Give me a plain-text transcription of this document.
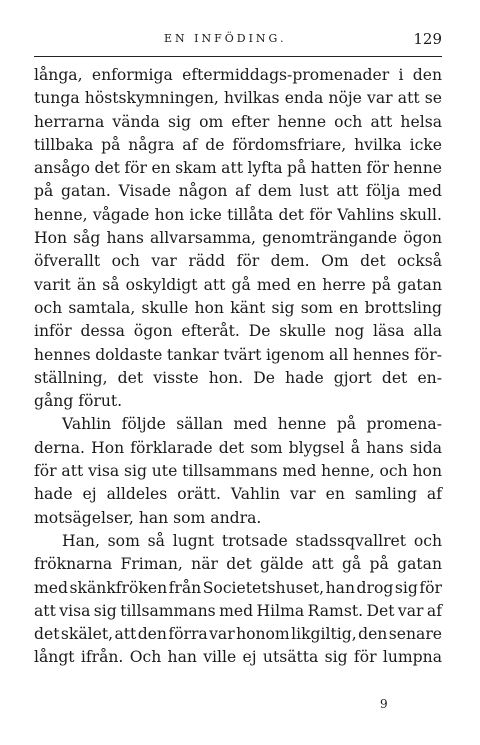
EN INFÖDING.	129
långa, enformiga eftermiddags-promenader i den
tunga höstskymningen, hvilkas enda nöje var att se
herrarna vända sig om efter henne och att helsa
tillbaka på några af de fördomsfriare, hvilka icke
ansågo det för en skam att lyfta på hatten för henne
på gatan. Visade någon af dem lust att följa med
henne, vågade hon icke tillåta det för Vahlins skull.
Hon såg hans allvarsamma, genomträngande ögon
öfverallt och var rädd för dem. Om det också
varit än så oskyldigt att gå med en herre på gatan
och samtala, skulle hon känt sig som en brottsling
inför dessa ögon efteråt. De skulle nog läsa alla
hennes doldaste tankar tvärt igenom all hennes för-
ställning, det visste hon. De hade gjort det en-
gång förut.
Vahlin följde sällan med henne på promena-
derna. Hon förklarade det som blygsel å hans sida
för att visa sig ute tillsammans med henne, och hon
hade ej alldeles orätt. Vahlin var en samling af
motsägelser, han som andra.
Han, som så lugnt trotsade stadssqvallret och
fröknarna Friman, när det gälde att gå på gatan
med skänkfröken från Societetshuset, han drog sig för
att visa sig tillsammans med Hilma Ramst. Det var af
det skälet, att den förra var honom likgiltig, den senare
långt ifrån. Och han ville ej utsätta sig för lumpna
9
